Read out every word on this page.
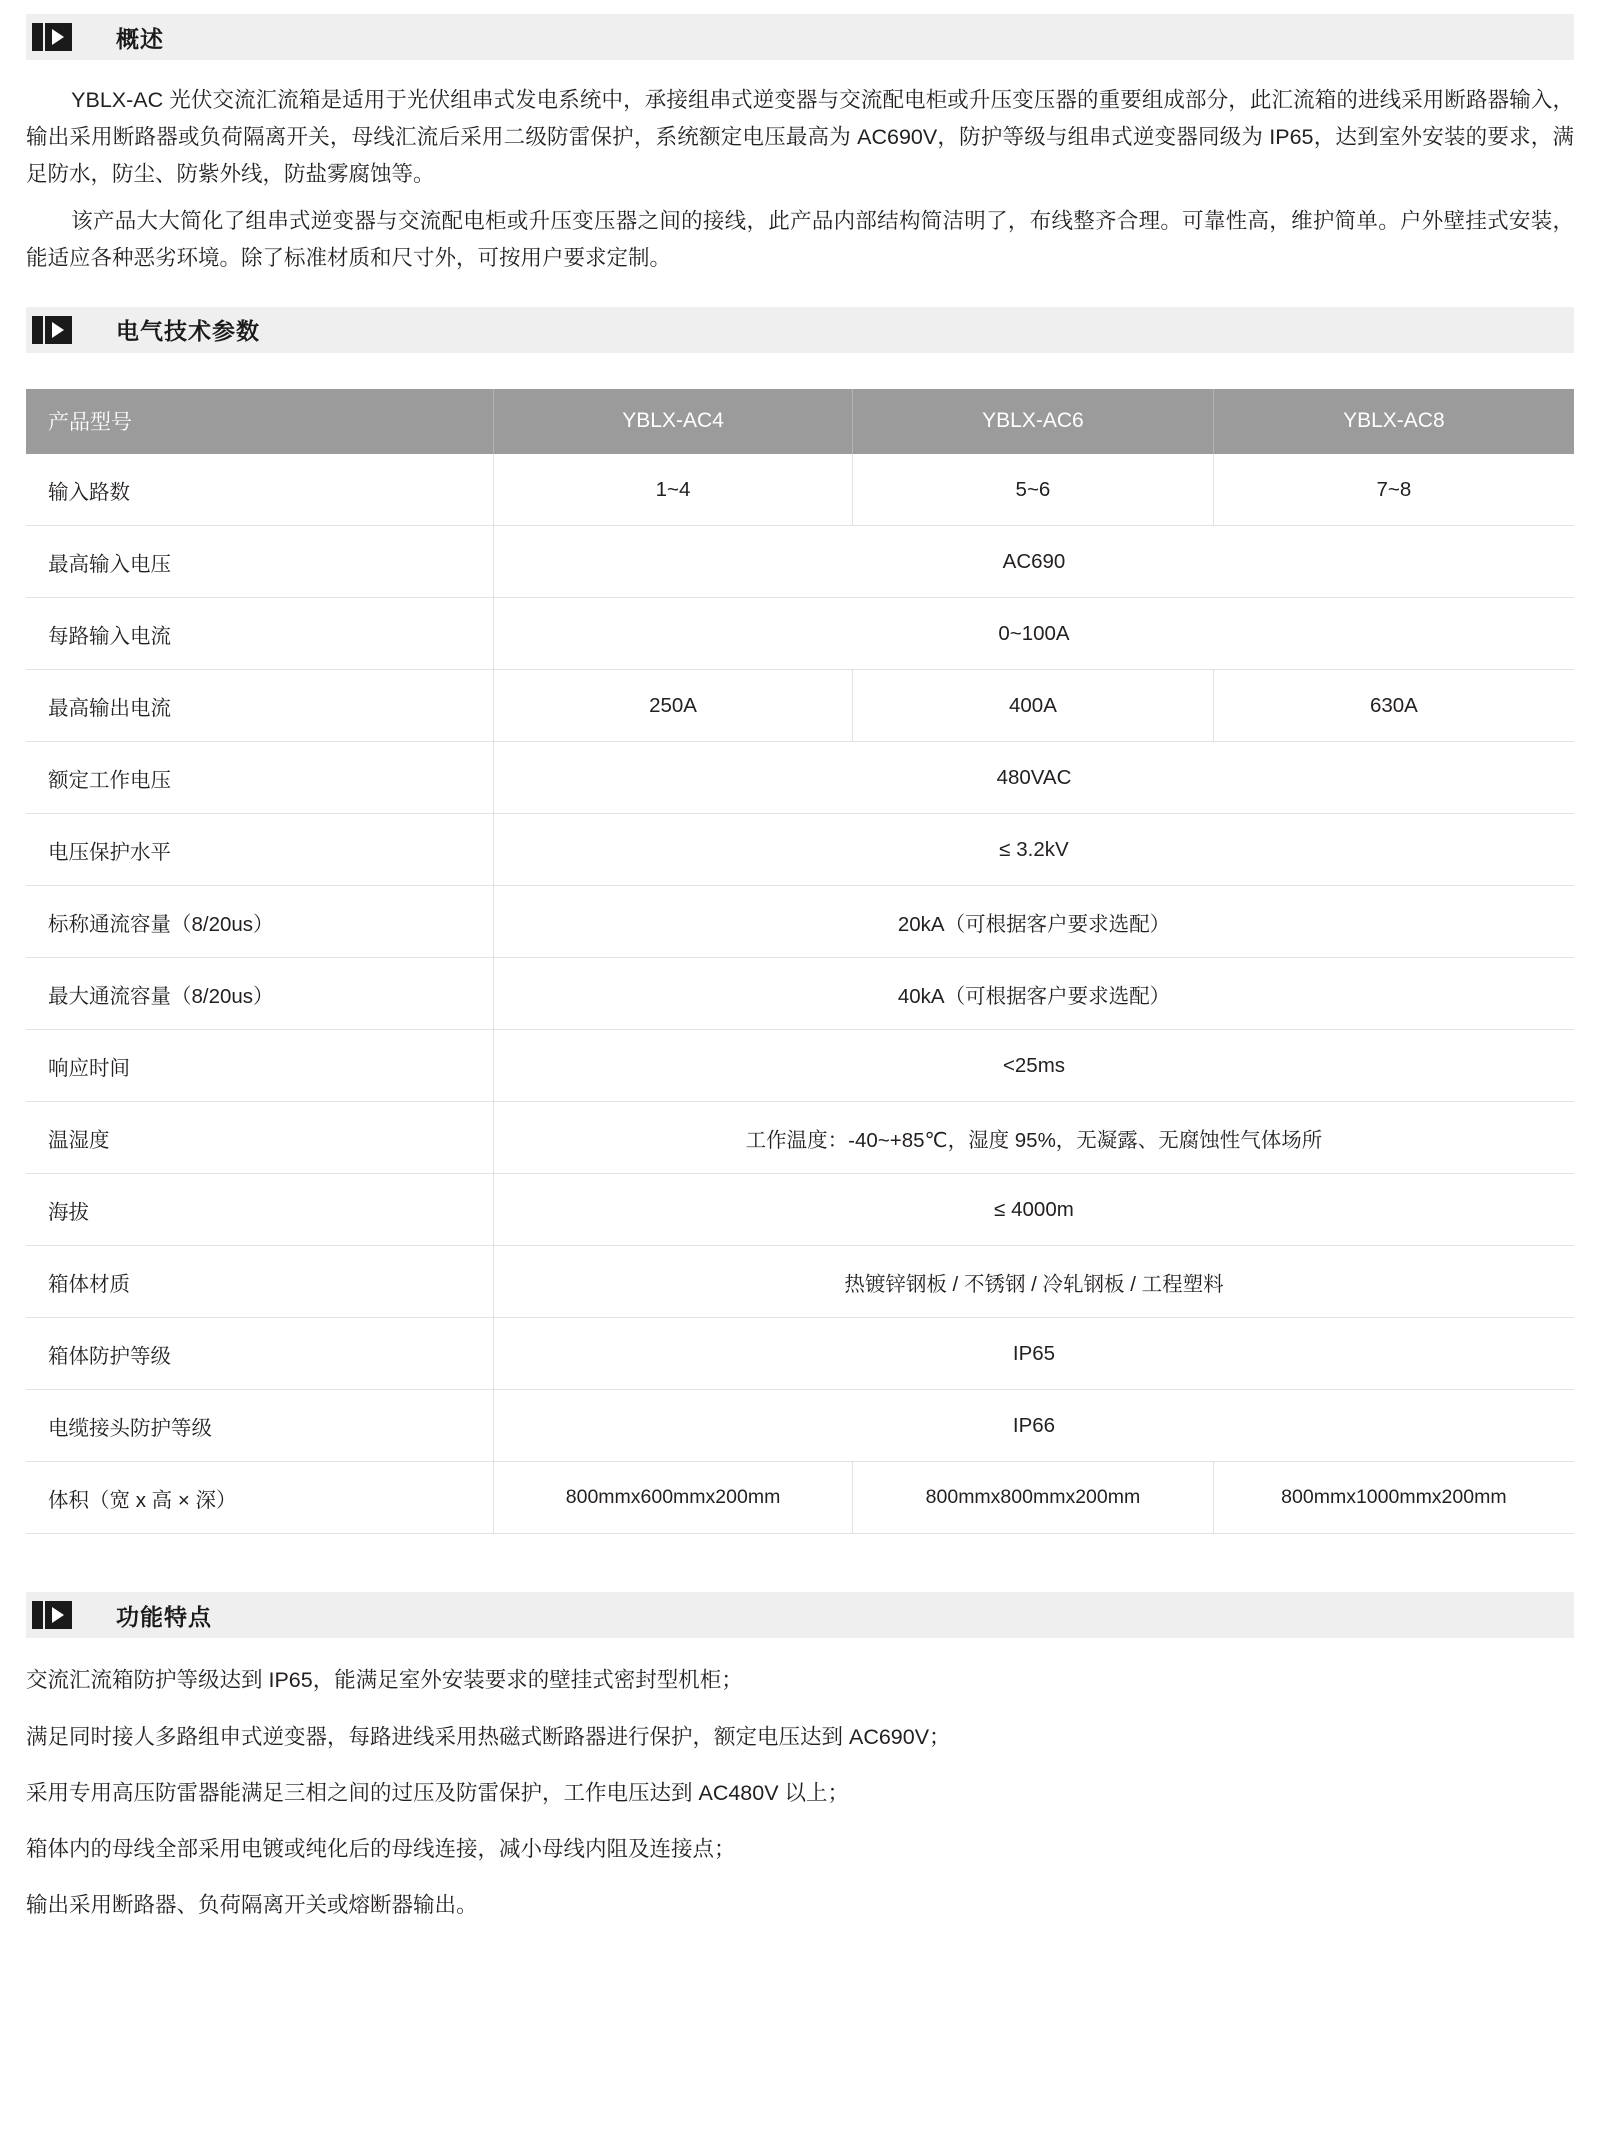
概述

YBLX-AC 光伏交流汇流箱是适用于光伏组串式发电系统中，承接组串式逆变器与交流配电柜或升压变压器的重要组成部分，此汇流箱的进线采用断路器输入，输出采用断路器或负荷隔离开关，母线汇流后采用二级防雷保护，系统额定电压最高为 AC690V，防护等级与组串式逆变器同级为 IP65，达到室外安装的要求，满足防水，防尘、防紫外线，防盐雾腐蚀等。

该产品大大简化了组串式逆变器与交流配电柜或升压变压器之间的接线，此产品内部结构简洁明了，布线整齐合理。可靠性高，维护简单。户外壁挂式安装，能适应各种恶劣环境。除了标准材质和尺寸外，可按用户要求定制。

电气技术参数
产品型号	YBLX-AC4	YBLX-AC6	YBLX-AC8
输入路数	1~4	5~6	7~8
最高输入电压	AC690		
每路输入电流	0~100A		
最高输出电流	250A	400A	630A
额定工作电压	480VAC		
电压保护水平	≤ 3.2kV		
标称通流容量（8/20us）	20kA（可根据客户要求选配）		
最大通流容量（8/20us）	40kA（可根据客户要求选配）		
响应时间	<25ms		
温湿度	工作温度：-40~+85℃，湿度 95%，无凝露、无腐蚀性气体场所		
海拔	≤ 4000m		
箱体材质	热镀锌钢板 / 不锈钢 / 冷轧钢板 / 工程塑料		
箱体防护等级	IP65		
电缆接头防护等级	IP66		
体积（宽 x 高 × 深）	800mmx600mmx200mm	800mmx800mmx200mm	800mmx1000mmx200mm
功能特点

交流汇流箱防护等级达到 IP65，能满足室外安装要求的壁挂式密封型机柜；

满足同时接人多路组申式逆变器，每路进线采用热磁式断路器进行保护，额定电压达到 AC690V；

采用专用高压防雷器能满足三相之间的过压及防雷保护，工作电压达到 AC480V 以上；

箱体内的母线全部采用电镀或纯化后的母线连接，减小母线内阻及连接点；

输出采用断路器、负荷隔离开关或熔断器输出。
